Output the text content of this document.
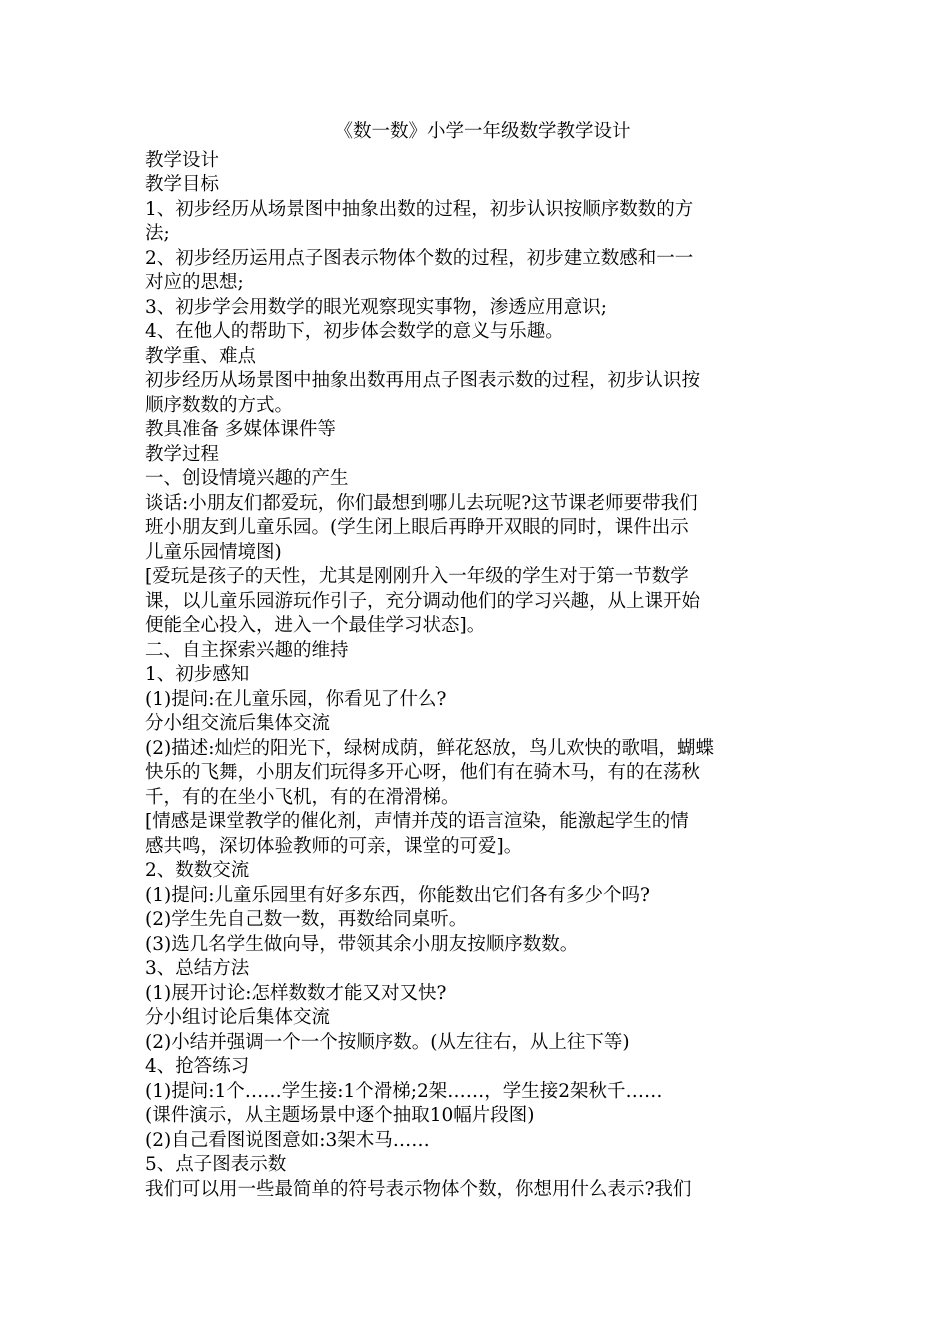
《数一数》小学一年级数学教学设计
教学设计
教学目标
1、初步经历从场景图中抽象出数的过程，初步认识按顺序数数的方
法;
2、初步经历运用点子图表示物体个数的过程，初步建立数感和一一
对应的思想;
3、初步学会用数学的眼光观察现实事物，渗透应用意识;
4、在他人的帮助下，初步体会数学的意义与乐趣。
教学重、难点
初步经历从场景图中抽象出数再用点子图表示数的过程，初步认识按
顺序数数的方式。
教具准备 多媒体课件等
教学过程
一、创设情境兴趣的产生
谈话:小朋友们都爱玩，你们最想到哪儿去玩呢?这节课老师要带我们
班小朋友到儿童乐园。(学生闭上眼后再睁开双眼的同时，课件出示
儿童乐园情境图)
[爱玩是孩子的天性，尤其是刚刚升入一年级的学生对于第一节数学
课，以儿童乐园游玩作引子，充分调动他们的学习兴趣，从上课开始
便能全心投入，进入一个最佳学习状态]。
二、自主探索兴趣的维持
1、初步感知
(1)提问:在儿童乐园，你看见了什么?
分小组交流后集体交流
(2)描述:灿烂的阳光下，绿树成荫，鲜花怒放，鸟儿欢快的歌唱，蝴蝶
快乐的飞舞，小朋友们玩得多开心呀，他们有在骑木马，有的在荡秋
千，有的在坐小飞机，有的在滑滑梯。
[情感是课堂教学的催化剂，声情并茂的语言渲染，能激起学生的情
感共鸣，深切体验教师的可亲，课堂的可爱]。
2、数数交流
(1)提问:儿童乐园里有好多东西，你能数出它们各有多少个吗?
(2)学生先自己数一数，再数给同桌听。
(3)选几名学生做向导，带领其余小朋友按顺序数数。
3、总结方法
(1)展开讨论:怎样数数才能又对又快?
分小组讨论后集体交流
(2)小结并强调一个一个按顺序数。(从左往右，从上往下等)
4、抢答练习
(1)提问:1个……学生接:1个滑梯;2架……，学生接2架秋千……
(课件演示，从主题场景中逐个抽取10幅片段图)
(2)自己看图说图意如:3架木马……
5、点子图表示数
我们可以用一些最简单的符号表示物体个数，你想用什么表示?我们
